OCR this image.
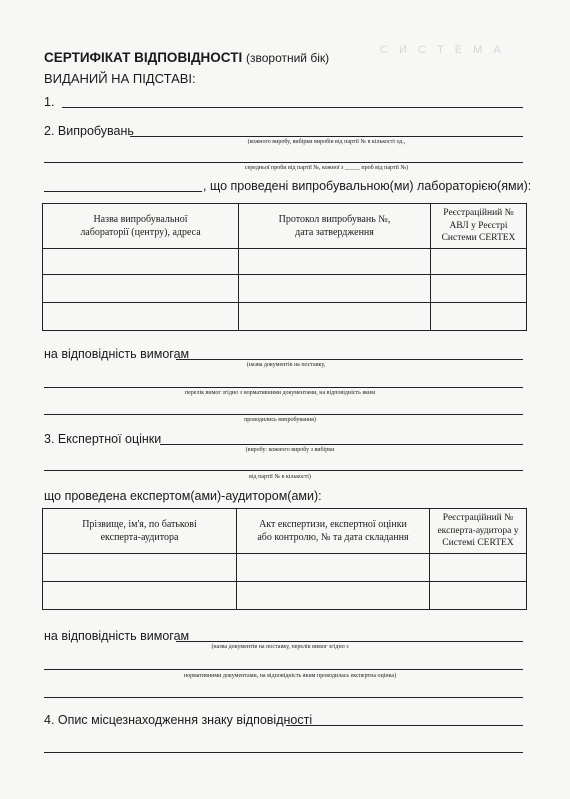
С И С Т Е М А
СЕРТИФІКАТ ВІДПОВІДНОСТІ (зворотний бік)
ВИДАНИЙ НА ПІДСТАВІ:
1.
2. Випробувань
(кожного виробу, вибірки виробів від партії № в кількості од.,
середньої проби від партії №, кожної з _____ проб від партії №)
, що проведені випробувальною(ми) лабораторією(ями):
Назва випробувальної лабораторії (центру), адреса	Протокол випробувань №, дата затвердження	Реєстраційний № АВЛ у Реєстрі Системи CERTEX

на відповідність вимогам
(назва документів на поставку,
перелік вимог згідно з нормативними документами, на відповідність яким
проводились випробування)
3. Експертної оцінки
(виробу: кожного виробу з вибірки
від партії № в кількості)
що проведена експертом(ами)-аудитором(ами):
Прізвище, ім'я, по батькові експерта-аудитора	Акт експертизи, експертної оцінки або контролю, № та дата складання	Реєстраційний № експерта-аудитора у Системі CERTEX

на відповідність вимогам
(назва документів на поставку, перелік вимог згідно з
нормативними документами, на відповідність яким проводилась експертна оцінка)
4. Опис місцезнаходження знаку відповідності
